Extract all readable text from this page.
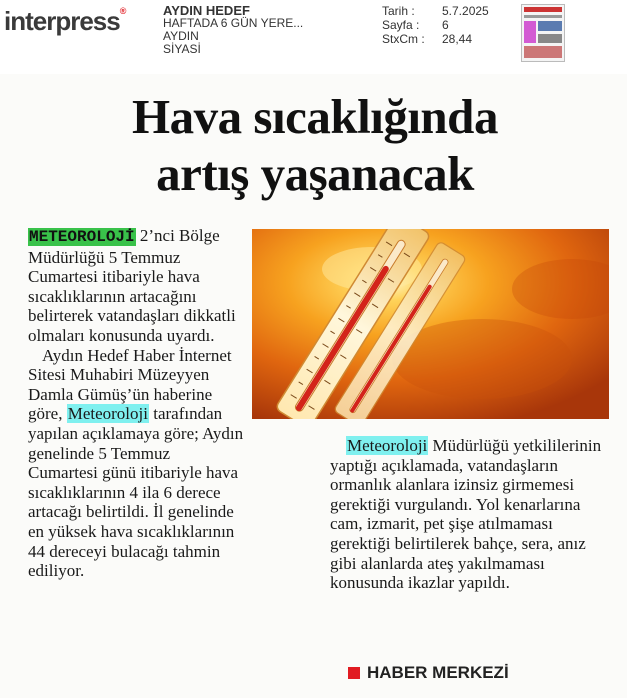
interpress®	AYDIN HEDEF
HAFTADA 6 GÜN YERE...
AYDIN
SİYASİ
Tarih :	5.7.2025
Sayfa :	6
StxCm :	28,44
Hava sıcaklığında
artış yaşanacak

METEOROLOJİ 2’nci Bölge Müdürlüğü 5 Temmuz Cumartesi itibariyle hava sıcaklıklarının artacağını belirterek vatandaşları dikkatli olmaları konusunda uyardı.

Aydın Hedef Haber İnternet Sitesi Muhabiri Müzeyyen Damla Gümüş’ün haberine göre, Meteoroloji tarafından yapılan açıklamaya göre; Aydın genelinde 5 Temmuz Cumartesi günü itibariyle hava sıcaklıklarının 4 ila 6 derece artacağı belirtildi. İl genelinde en yüksek hava sıcaklıklarının 44 dereceyi bulacağı tahmin ediliyor.

Meteoroloji Müdürlüğü yetkililerinin yaptığı açıklamada, vatandaşların ormanlık alanlara izinsiz girmemesi gerektiği vurgulandı. Yol kenarlarına cam, izmarit, pet şişe atılmaması gerektiği belirtilerek bahçe, sera, anız gibi alanlarda ateş yakılmaması konusunda ikazlar yapıldı.

HABER MERKEZİ
